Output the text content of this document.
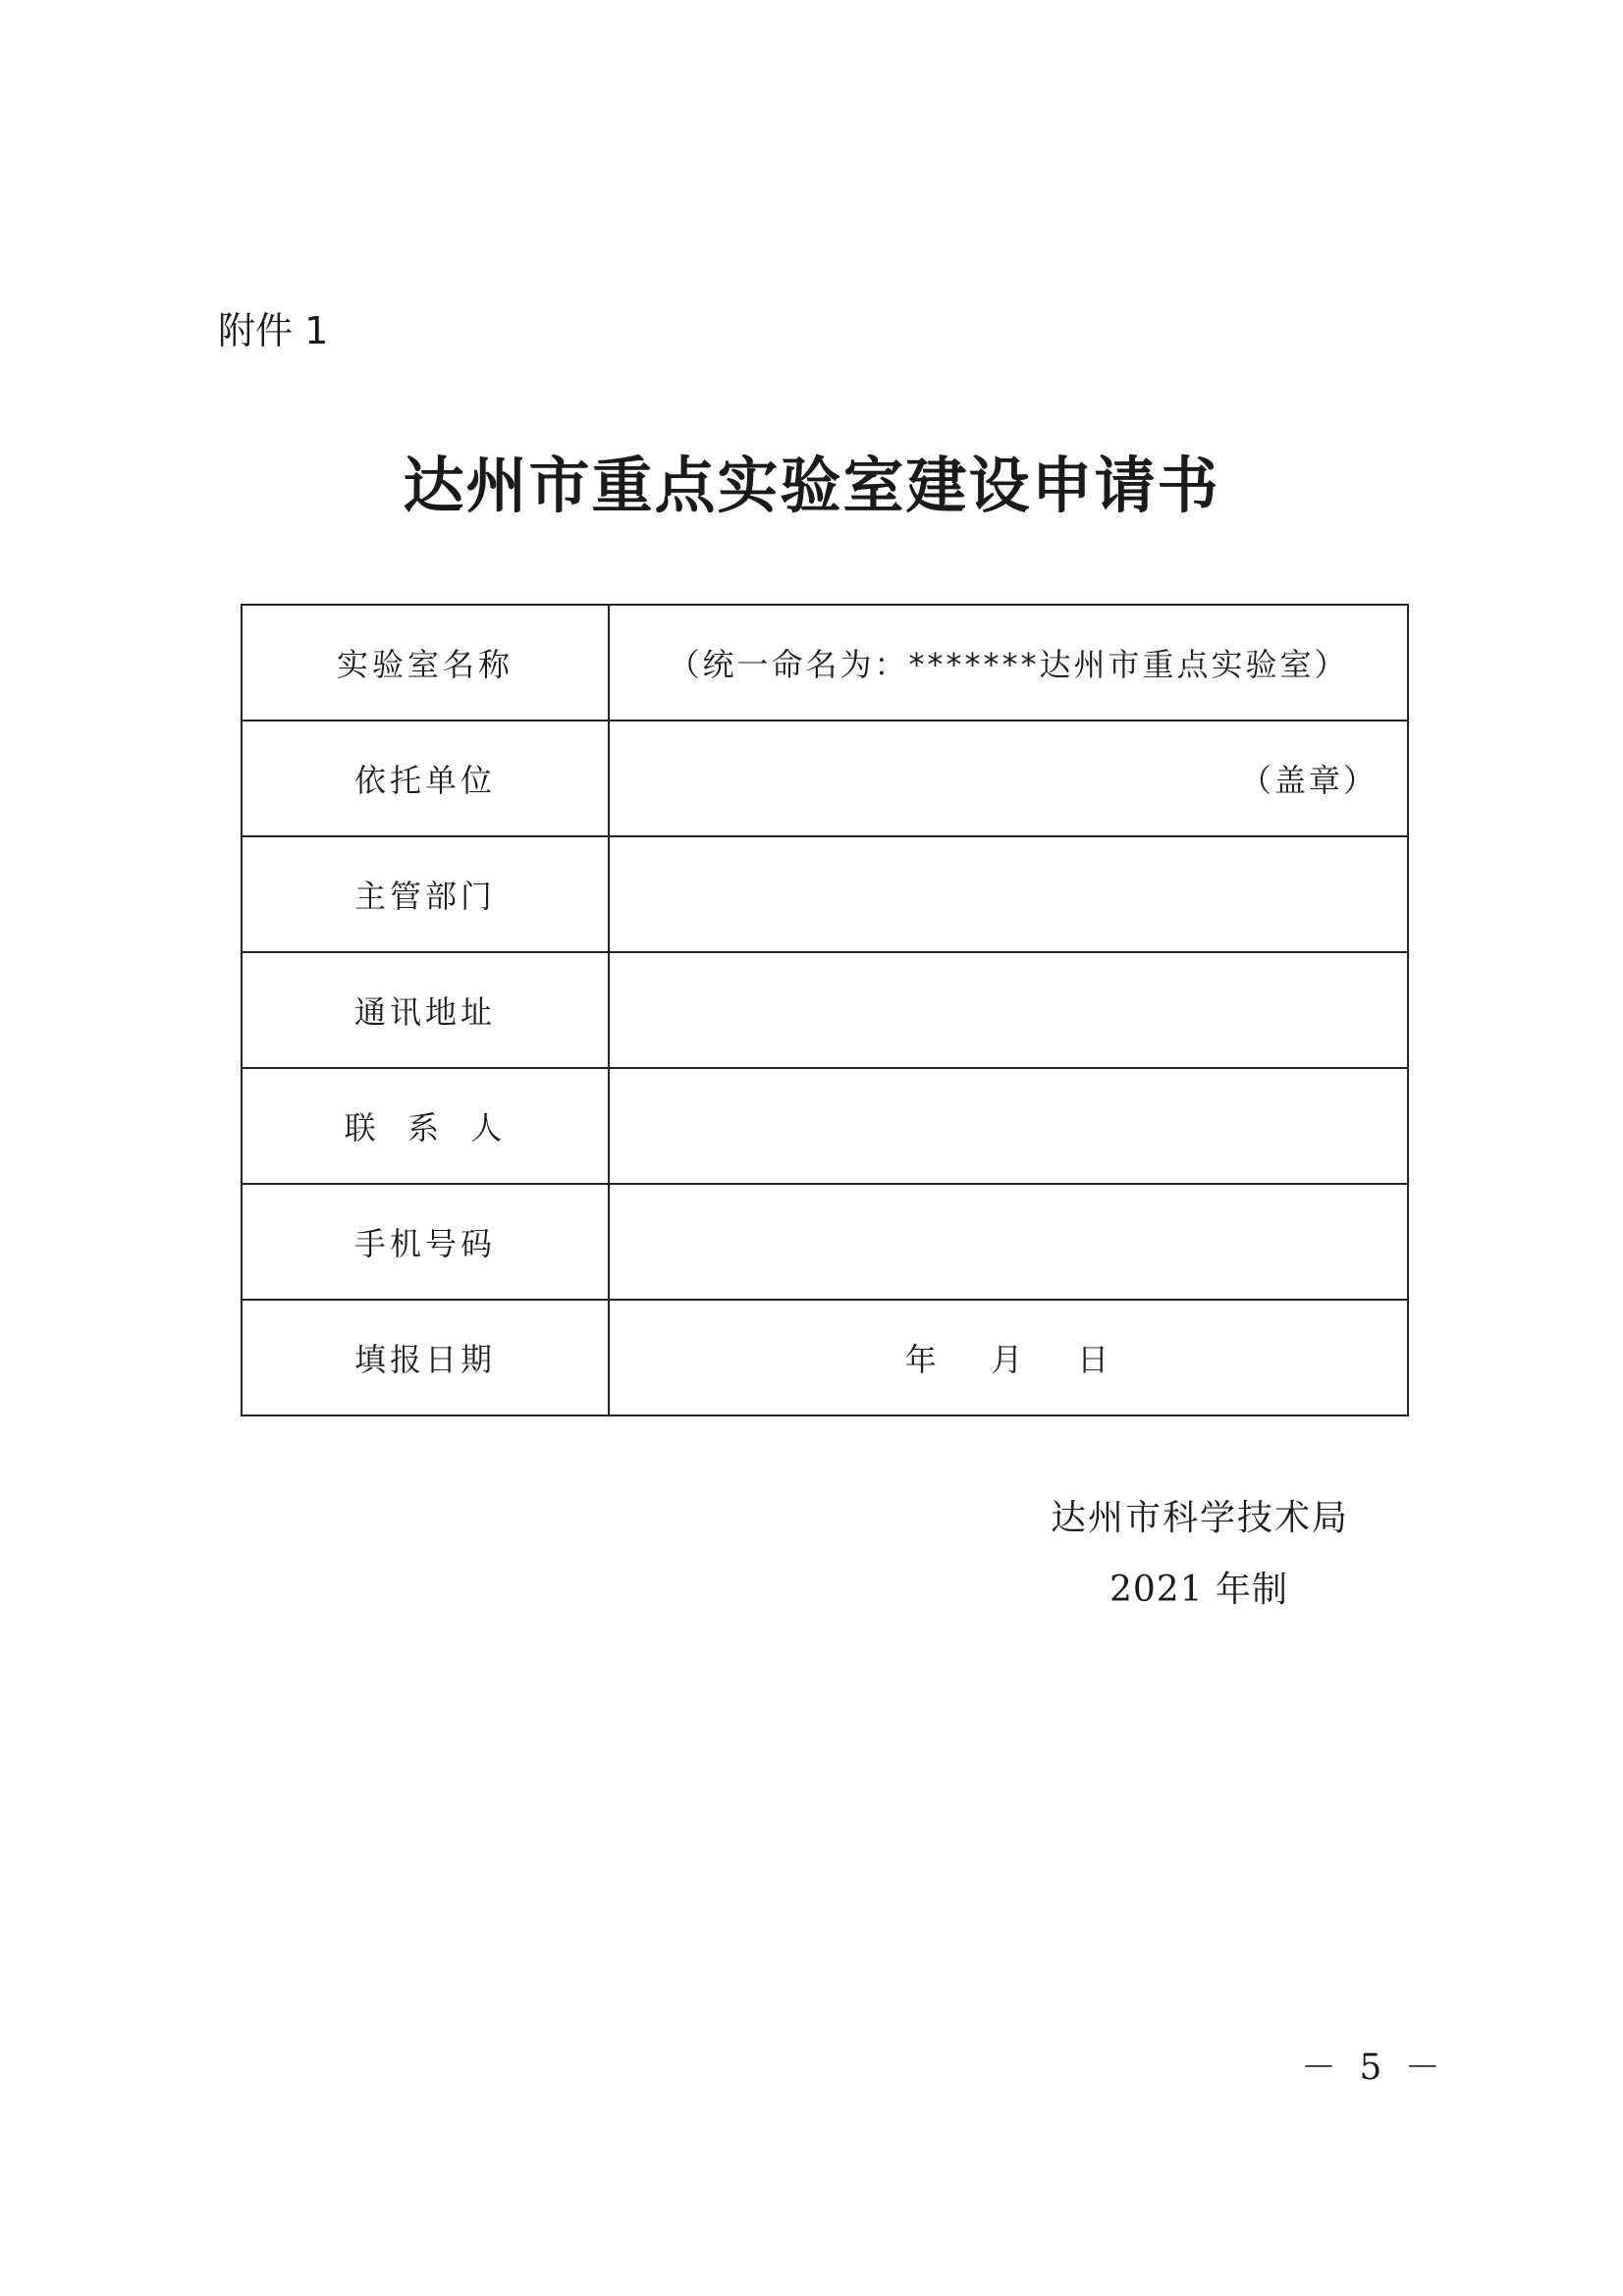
附件 1
达州市重点实验室建设申请书
实验室名称	（统一命名为：*******达州市重点实验室）
依托单位	（盖章）
主管部门	
通讯地址	
联  系  人	
手机号码	
填报日期	年    月    日
达州市科学技术局
2021 年制
－ 5 －
